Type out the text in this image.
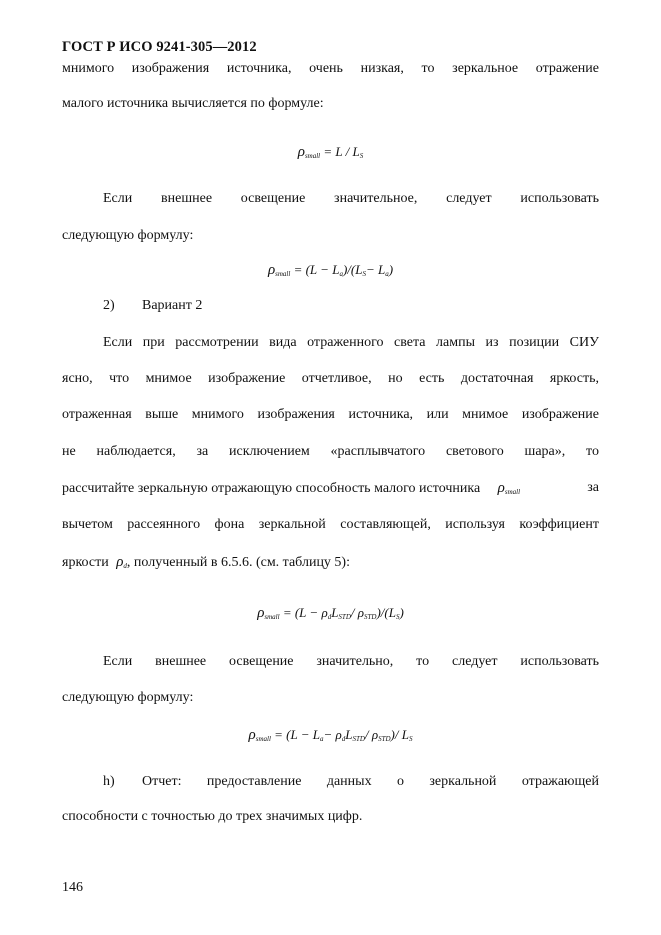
ГОСТ Р ИСО 9241-305—2012
мнимого изображения источника, очень низкая, то зеркальное отражение
малого источника вычисляется по формуле:
$\rho_{small} = L / L_S$
Если внешнее освещение значительное, следует использовать
следующую формулу:
$\rho_{small} = (L - L_a)/(L_S- L_a)$
2)	Вариант 2
Если при рассмотрении вида отраженного света лампы из позиции СИУ
ясно, что мнимое изображение отчетливое, но есть достаточная яркость,
отраженная выше мнимого изображения источника, или мнимое изображение
не наблюдается, за исключением «расплывчатого светового шара», то
рассчитайте зеркальную отражающую способность малого источника $\rho_{small}$	за
вычетом рассеянного фона зеркальной составляющей, используя коэффициент
яркости $\rho_d$, полученный в 6.5.6. (см. таблицу 5):
$\rho_{small} = (L - \rho_dL_{STD}/$ $\rho_{STD})/(L_S)$
Если внешнее освещение значительно, то следует использовать
следующую формулу:
$\rho_{small} = (L - L_a- \rho_dL_{STD}/$ $\rho_{STD})/$ $L_S$
h)	Отчет: предоставление данных о зеркальной отражающей
способности с точностью до трех значимых цифр.
146
